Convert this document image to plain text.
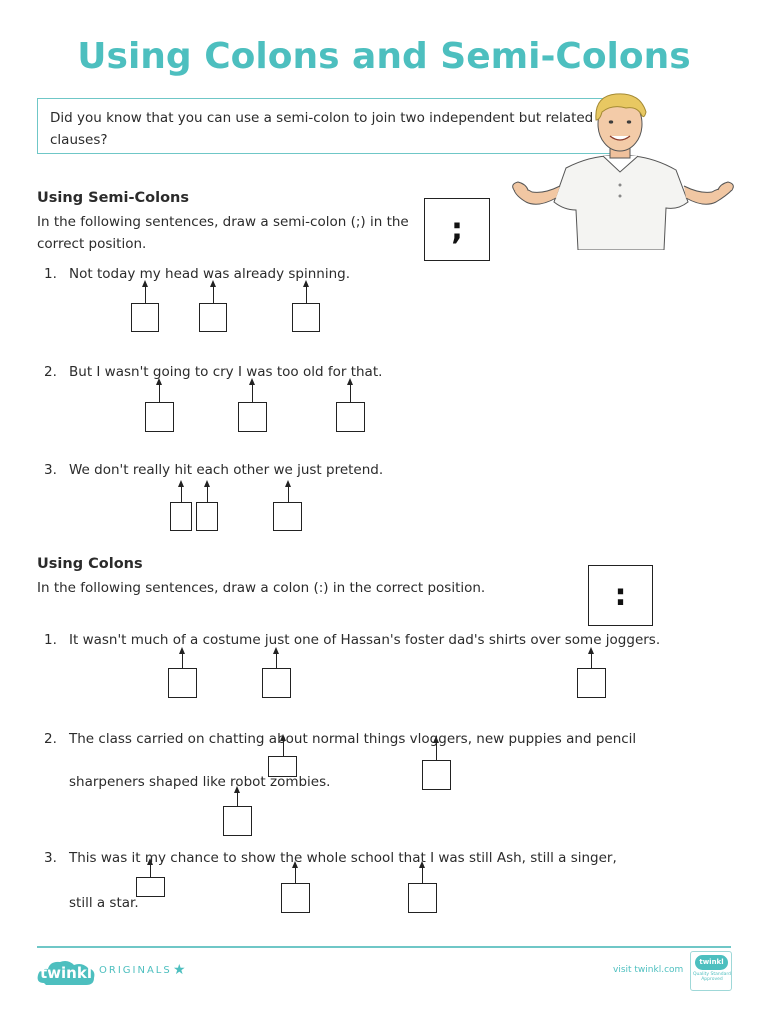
Using Colons and Semi-Colons
Did you know that you can use a semi-colon to join two independent but related clauses?
Using Semi-Colons
In the following sentences, draw a semi-colon (;) in the correct position.	;
1. Not today my head was already spinning.
2. But I wasn't going to cry I was too old for that.
3. We don't really hit each other we just pretend.
Using Colons
In the following sentences, draw a colon (:) in the correct position.	:
1. It wasn't much of a costume just one of Hassan's foster dad's shirts over some joggers.
2. The class carried on chatting about normal things vloggers, new puppies and pencil
sharpeners shaped like robot zombies.
3. This was it my chance to show the whole school that I was still Ash, still a singer,
still a star.
twinkl ORIGINALS ★	visit twinkl.com
twinkl
Quality Standard Approved
